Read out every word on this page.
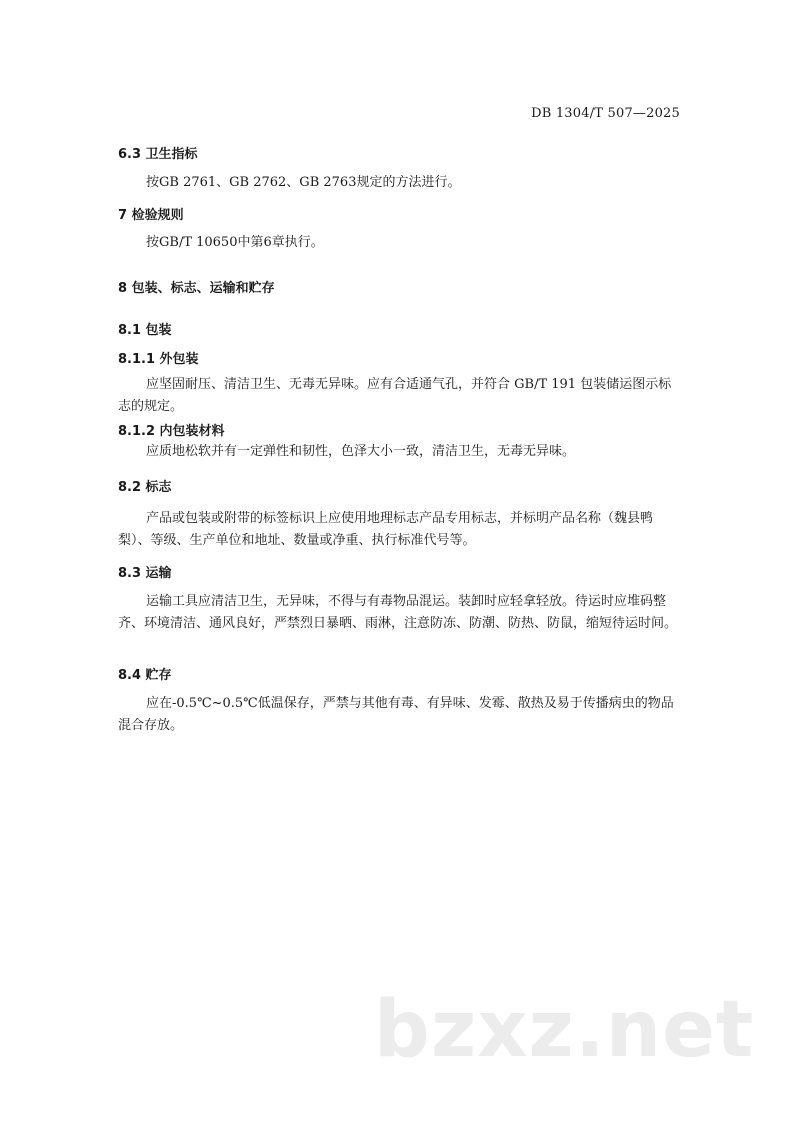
DB 1304/T 507—2025
6.3 卫生指标
按GB 2761、GB 2762、GB 2763规定的方法进行。
7 检验规则
按GB/T 10650中第6章执行。
8 包装、标志、运输和贮存
8.1 包装
8.1.1 外包装
应坚固耐压、清洁卫生、无毒无异味。应有合适通气孔，并符合 GB/T 191 包装储运图示标志的规定。
8.1.2 内包装材料
应质地松软并有一定弹性和韧性，色泽大小一致，清洁卫生，无毒无异味。
8.2 标志
产品或包装或附带的标签标识上应使用地理标志产品专用标志，并标明产品名称（魏县鸭梨）、等级、生产单位和地址、数量或净重、执行标准代号等。
8.3 运输
运输工具应清洁卫生，无异味，不得与有毒物品混运。装卸时应轻拿轻放。待运时应堆码整齐、环境清洁、通风良好，严禁烈日暴晒、雨淋，注意防冻、防潮、防热、防鼠，缩短待运时间。
8.4 贮存
应在-0.5℃~0.5℃低温保存，严禁与其他有毒、有异味、发霉、散热及易于传播病虫的物品混合存放。
bzxz.net
